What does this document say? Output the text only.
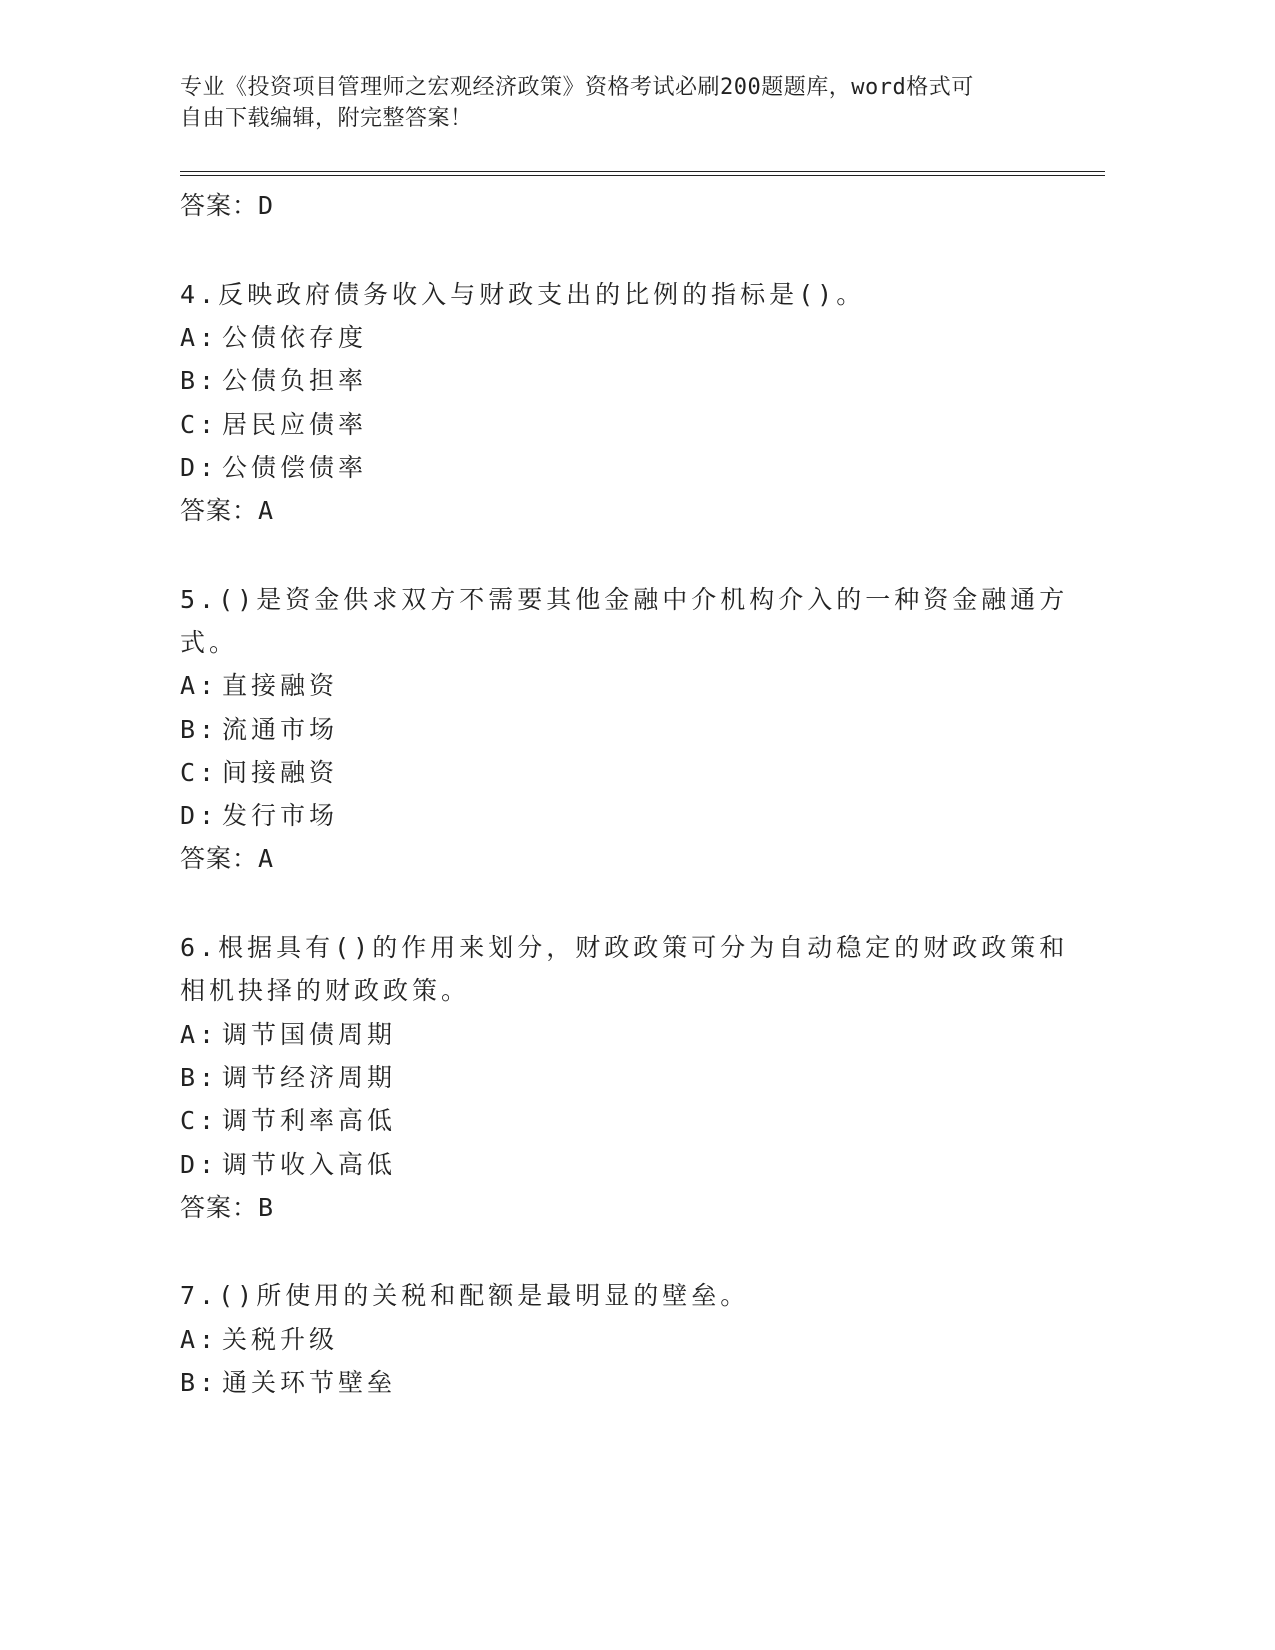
专业《投资项目管理师之宏观经济政策》资格考试必刷200题题库，word格式可
自由下载编辑，附完整答案！
答案：D
4.反映政府债务收入与财政支出的比例的指标是()。
A: 公债依存度
B: 公债负担率
C: 居民应债率
D: 公债偿债率
答案：A
5.()是资金供求双方不需要其他金融中介机构介入的一种资金融通方
式。
A: 直接融资
B: 流通市场
C: 间接融资
D: 发行市场
答案：A
6.根据具有()的作用来划分，财政政策可分为自动稳定的财政政策和
相机抉择的财政政策。
A: 调节国债周期
B: 调节经济周期
C: 调节利率高低
D: 调节收入高低
答案：B
7.()所使用的关税和配额是最明显的壁垒。
A: 关税升级
B: 通关环节壁垒
